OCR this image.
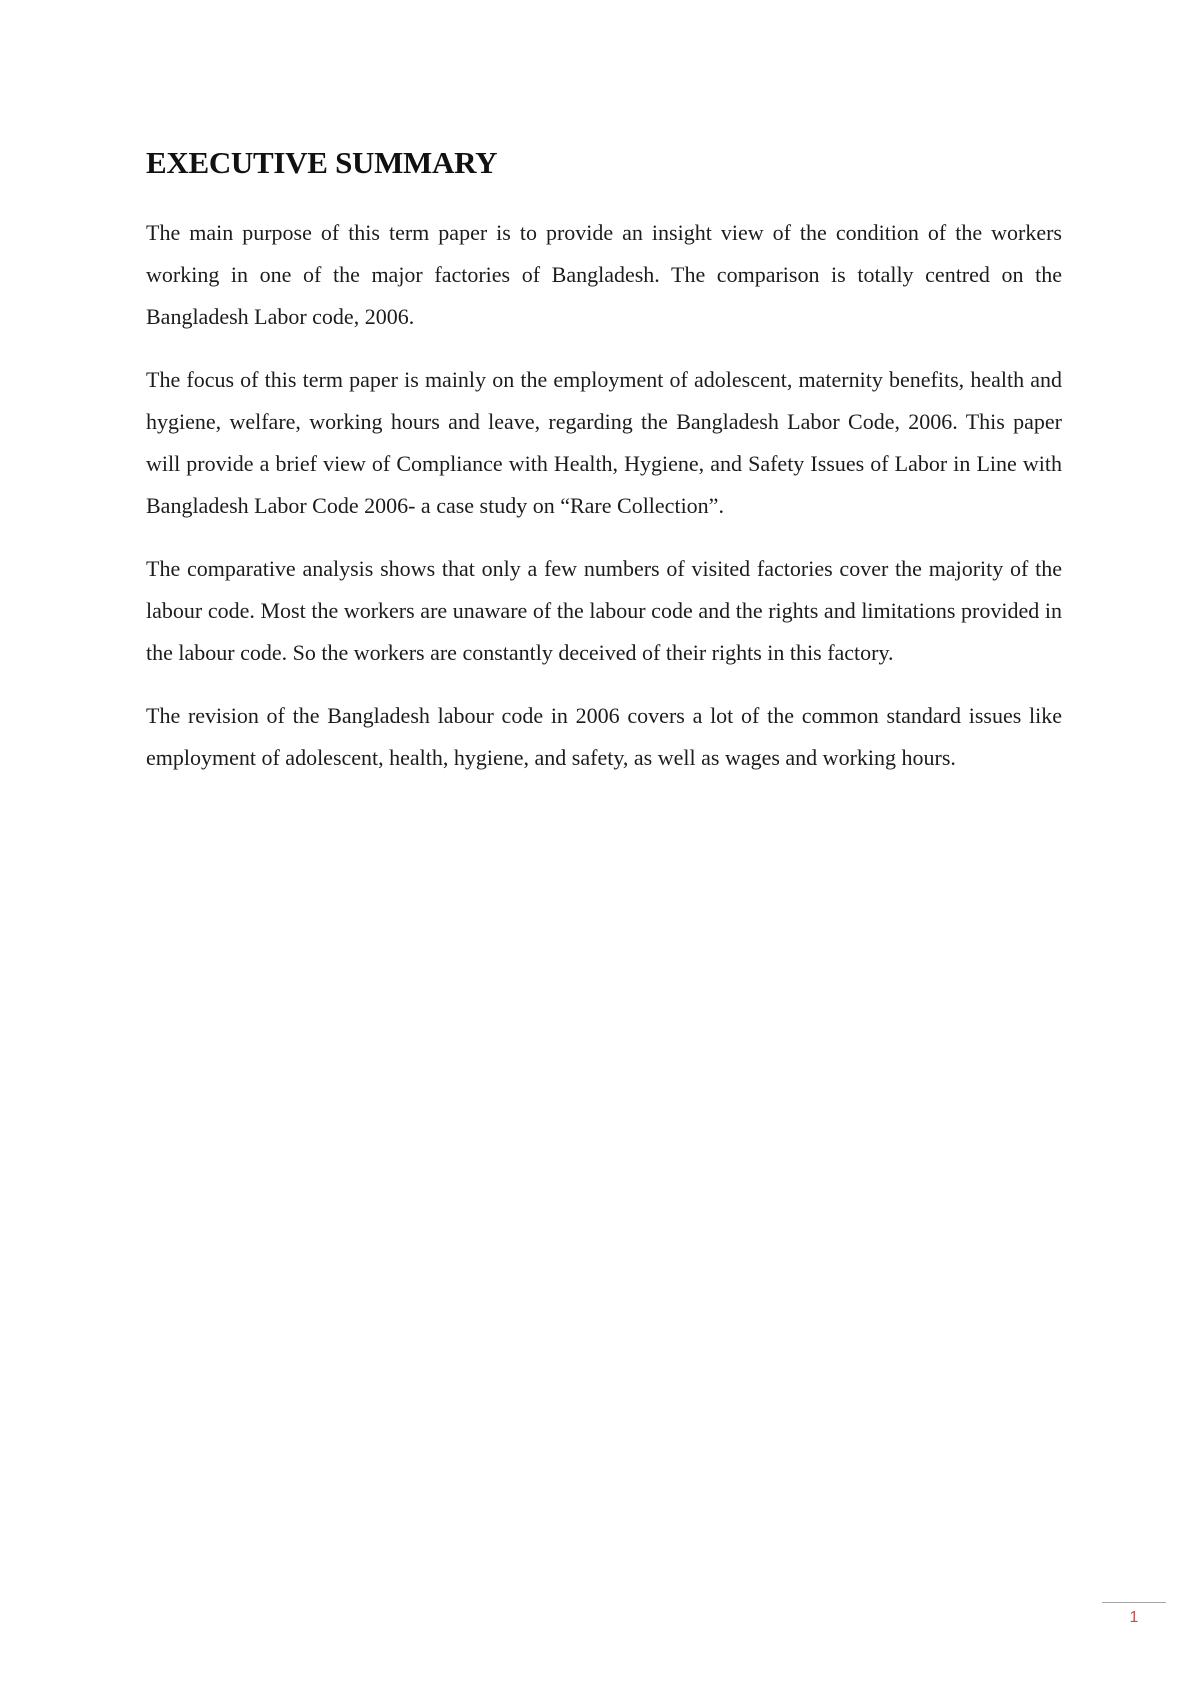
EXECUTIVE SUMMARY

The main purpose of this term paper is to provide an insight view of the condition of the workers working in one of the major factories of Bangladesh. The comparison is totally centred on the Bangladesh Labor code, 2006.

The focus of this term paper is mainly on the employment of adolescent, maternity benefits, health and hygiene, welfare, working hours and leave, regarding the Bangladesh Labor Code, 2006. This paper will provide a brief view of Compliance with Health, Hygiene, and Safety Issues of Labor in Line with Bangladesh Labor Code 2006- a case study on “Rare Collection”.

The comparative analysis shows that only a few numbers of visited factories cover the majority of the labour code. Most the workers are unaware of the labour code and the rights and limitations provided in the labour code. So the workers are constantly deceived of their rights in this factory.

The revision of the Bangladesh labour code in 2006 covers a lot of the common standard issues like employment of adolescent, health, hygiene, and safety, as well as wages and working hours.

1
